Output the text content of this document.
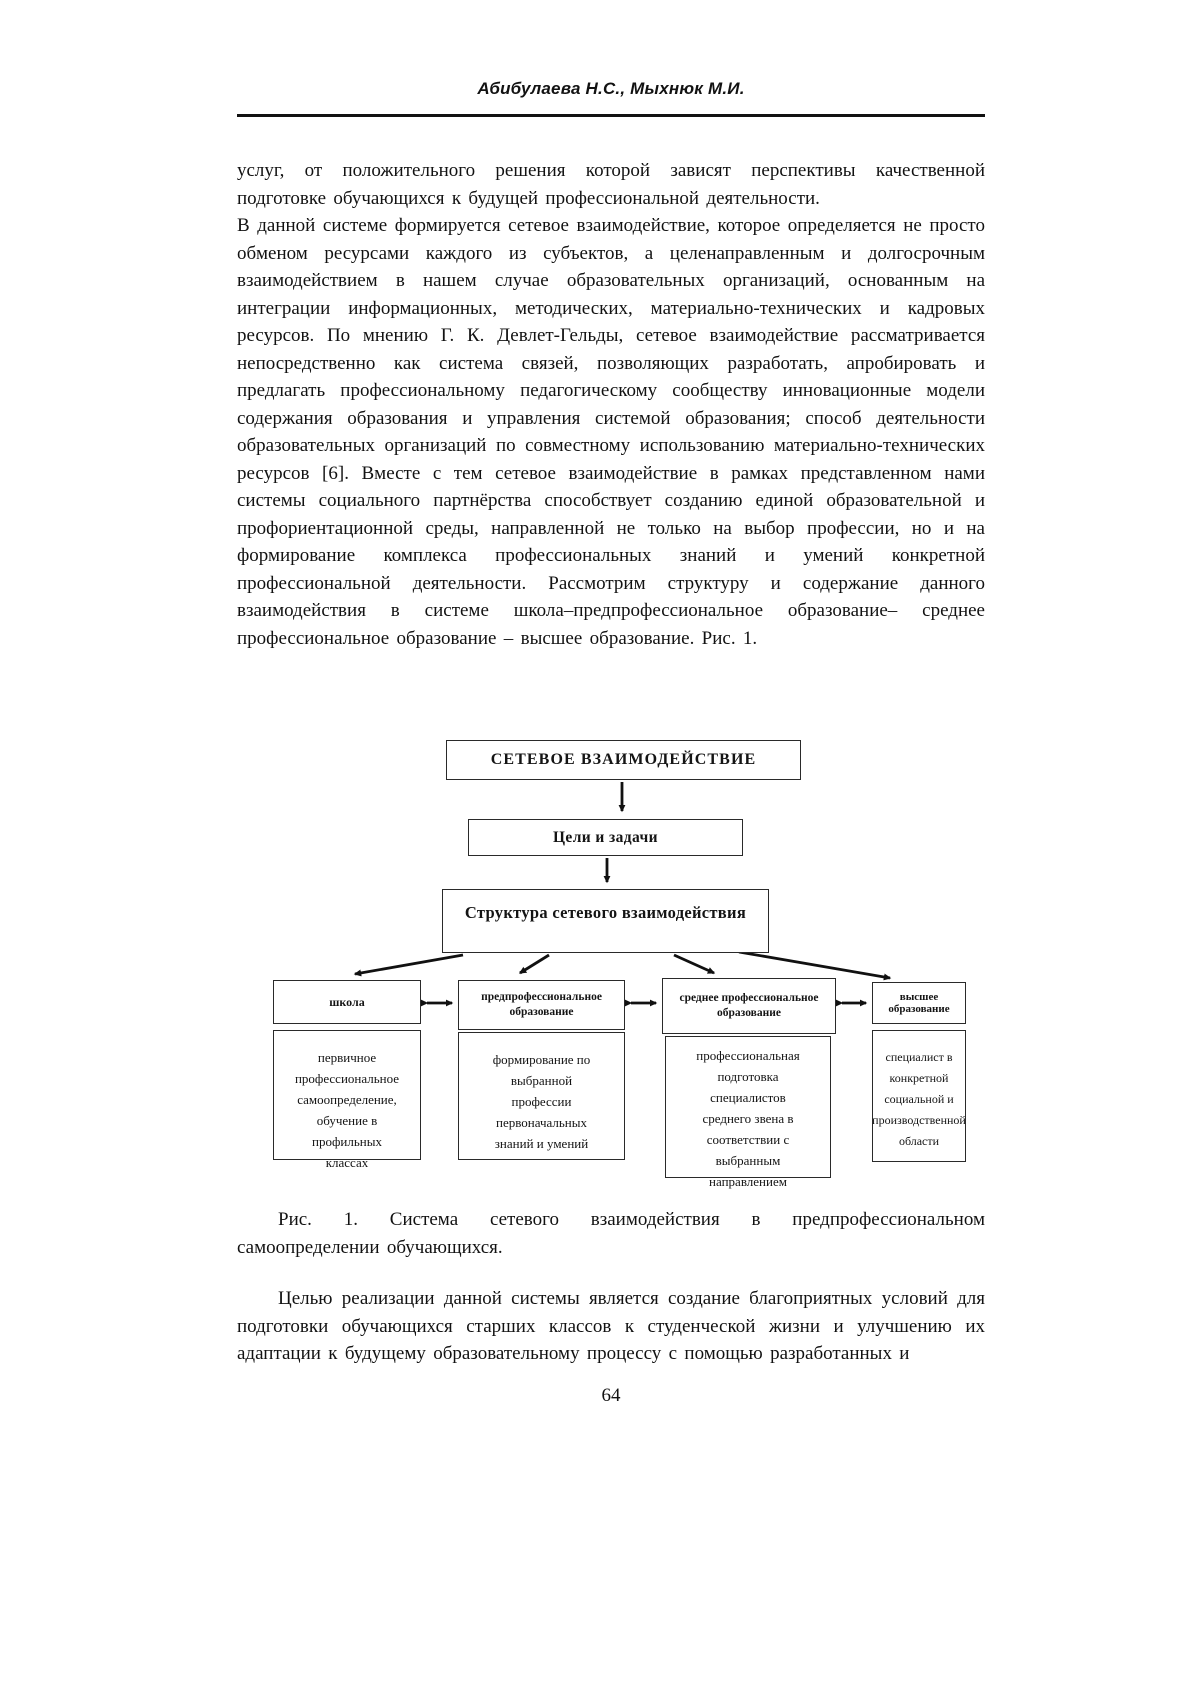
Абибулаева Н.С., Мыхнюк М.И.

услуг, от положительного решения которой зависят перспективы качественной подготовке обучающихся к будущей профессиональной деятельности.

В данной системе формируется сетевое взаимодействие, которое определяется не просто обменом ресурсами каждого из субъектов, а целенаправленным и долгосрочным взаимодействием в нашем случае образовательных организаций, основанным на интеграции информационных, методических, материально-технических и кадровых ресурсов. По мнению Г. К. Девлет-Гельды, сетевое взаимодействие рассматривается непосредственно как система связей, позволяющих разработать, апробировать и предлагать профессиональному педагогическому сообществу инновационные модели содержания образования и управления системой образования; способ деятельности образовательных организаций по совместному использованию материально-технических ресурсов [6]. Вместе с тем сетевое взаимодействие в рамках представленном нами системы социального партнёрства способствует созданию единой образовательной и профориентационной среды, направленной не только на выбор профессии, но и на формирование комплекса профессиональных знаний и умений конкретной профессиональной деятельности. Рассмотрим структуру и содержание данного взаимодействия в системе школа–предпрофессиональное образование– среднее профессиональное образование – высшее образование. Рис. 1.

СЕТЕВОЕ ВЗАИМОДЕЙСТВИЕ
Цели и задачи
Структура сетевого взаимодействия
школа	предпрофессиональное
образование
среднее профессиональное
образование
высшее образование
первичное
профессиональное
самоопределение,
обучение в
профильных
классах
формирование по
выбранной
профессии
первоначальных
знаний и умений
профессиональная
подготовка
специалистов
среднего звена в
соответствии с
выбранным
направлением
специалист в
конкретной
социальной и
производственной
области

Рис. 1. Система сетевого взаимодействия в предпрофессиональном самоопределении обучающихся.

Целью реализации данной системы является создание благоприятных условий для подготовки обучающихся старших классов к студенческой жизни и улучшению их адаптации к будущему образовательному процессу с помощью разработанных и

64
